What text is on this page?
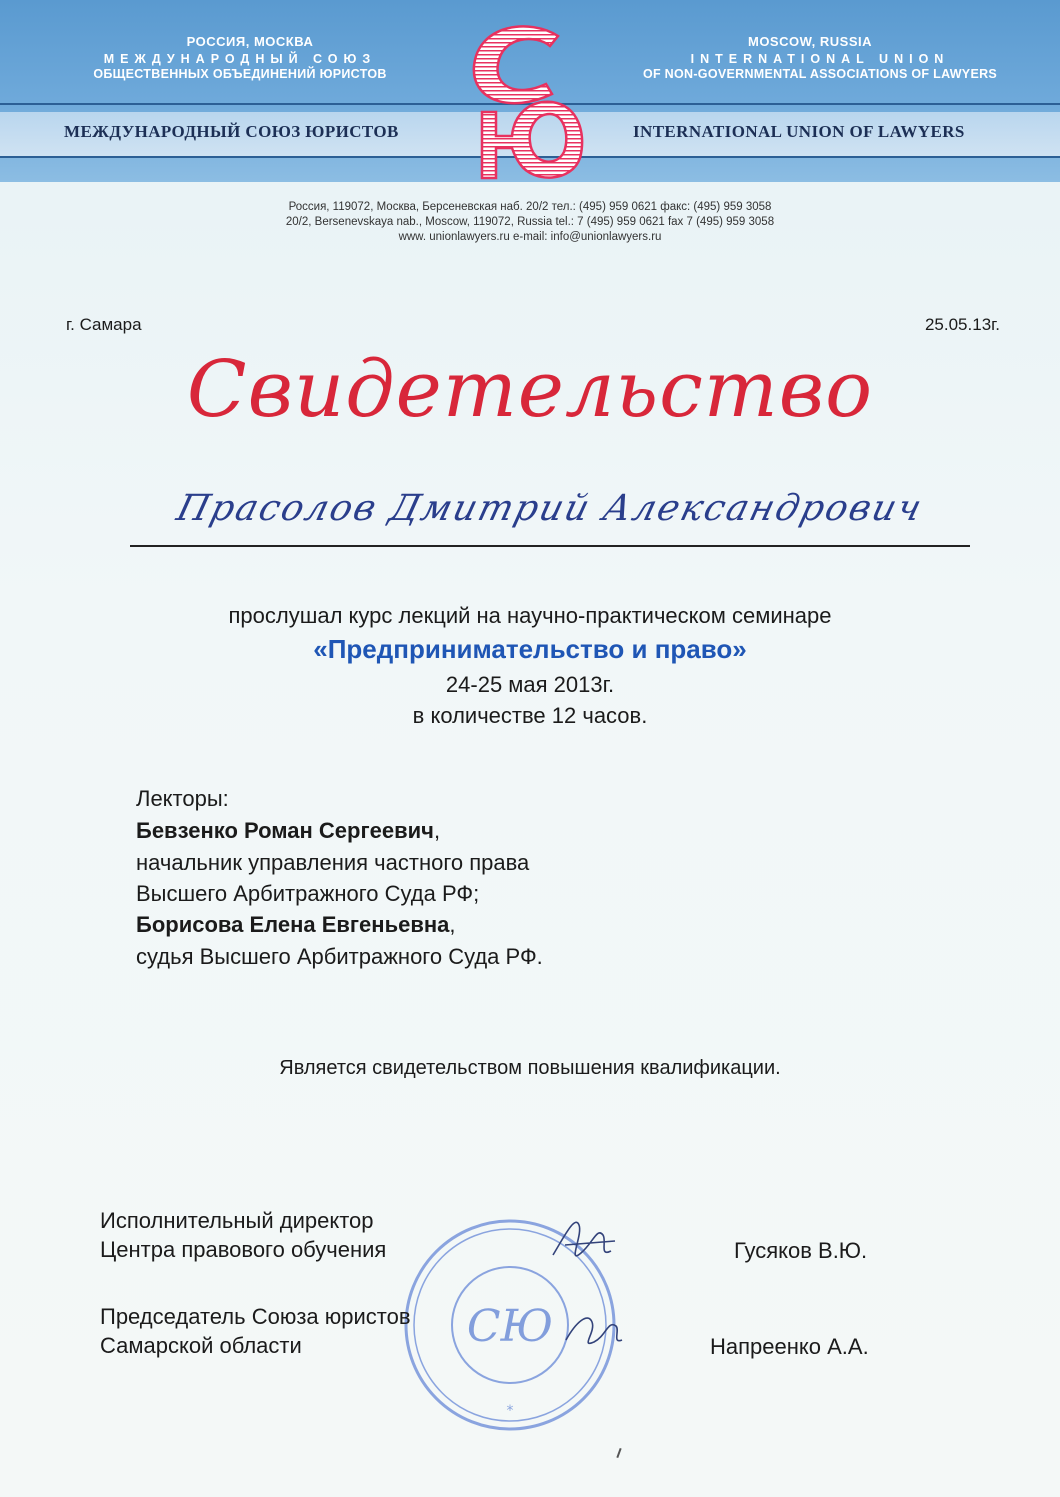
РОССИЯ, МОСКВА
МЕЖДУНАРОДНЫЙ СОЮЗ
ОБЩЕСТВЕННЫХ ОБЪЕДИНЕНИЙ ЮРИСТОВ
MOSCOW, RUSSIA
INTERNATIONAL UNION
OF NON-GOVERNMENTAL ASSOCIATIONS OF LAWYERS
МЕЖДУНАРОДНЫЙ СОЮЗ ЮРИСТОВ	INTERNATIONAL UNION OF LAWYERS
Россия, 119072, Москва, Берсеневская наб. 20/2 тел.: (495) 959 0621 факс: (495) 959 3058
20/2, Bersenevskaya nab., Moscow, 119072, Russia tel.: 7 (495) 959 0621 fax 7 (495) 959 3058
www. unionlawyers.ru e-mail: info@unionlawyers.ru
г. Самара	25.05.13г.
Свидетельство
Прасолов Дмитрий Александрович
прослушал курс лекций на научно-практическом семинаре
«Предпринимательство и право»
24-25 мая 2013г.
в количестве 12 часов.
Лекторы:
Бевзенко Роман Сергеевич,
начальник управления частного права
Высшего Арбитражного Суда РФ;
Борисова Елена Евгеньевна,
судья Высшего Арбитражного Суда РФ.
Является свидетельством повышения квалификации.
СЮ
*
Исполнительный директор
Центра правового обучения	Гусяков В.Ю.
Председатель Союза юристов
Самарской области	Напреенко А.А.
